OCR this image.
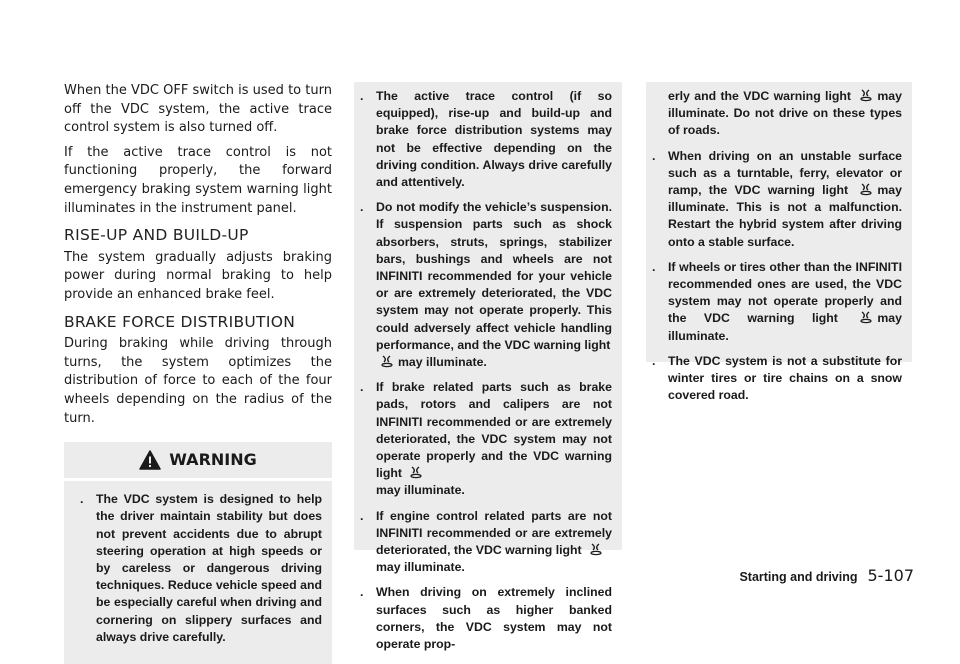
When the VDC OFF switch is used to turn off the VDC system, the active trace control system is also turned off.

If the active trace control is not functioning properly, the forward emergency braking system warning light illuminates in the instrument panel.

RISE-UP AND BUILD-UP

The system gradually adjusts braking power during normal braking to help provide an enhanced brake feel.

BRAKE FORCE DISTRIBUTION

During braking while driving through turns, the system optimizes the distribution of force to each of the four wheels depending on the radius of the turn.

WARNING
. The VDC system is designed to help the driver maintain stability but does not prevent accidents due to abrupt steering operation at high speeds or by careless or dangerous driving techniques. Reduce vehicle speed and be especially careful when driving and cornering on slippery surfaces and always drive carefully.
. The active trace control (if so equipped), rise-up and build-up and brake force distribution systems may not be effective depending on the driving condition. Always drive carefully and attentively.
. Do not modify the vehicle’s suspension. If suspension parts such as shock absorbers, struts, springs, stabilizer bars, bushings and wheels are not INFINITI recommended for your vehicle or are extremely deteriorated, the VDC system may not operate properly. This could adversely affect vehicle handling performance, and the VDC warning light
may illuminate.
. If brake related parts such as brake pads, rotors and calipers are not INFINITI recommended or are extremely deteriorated, the VDC system may not operate properly and the VDC warning light
may illuminate.
. If engine control related parts are not INFINITI recommended or are extremely deteriorated, the VDC warning light
may illuminate.
. When driving on extremely inclined surfaces such as higher banked corners, the VDC system may not operate prop-
erly and the VDC warning light may illuminate. Do not drive on these types of roads.
. When driving on an unstable surface such as a turntable, ferry, elevator or ramp, the VDC warning light may illuminate. This is not a malfunction. Restart the hybrid system after driving onto a stable surface.
. If wheels or tires other than the INFINITI recommended ones are used, the VDC system may not operate properly and the VDC warning light	may illuminate.
. The VDC system is not a substitute for winter tires or tire chains on a snow covered road.
Starting and driving 5-107
